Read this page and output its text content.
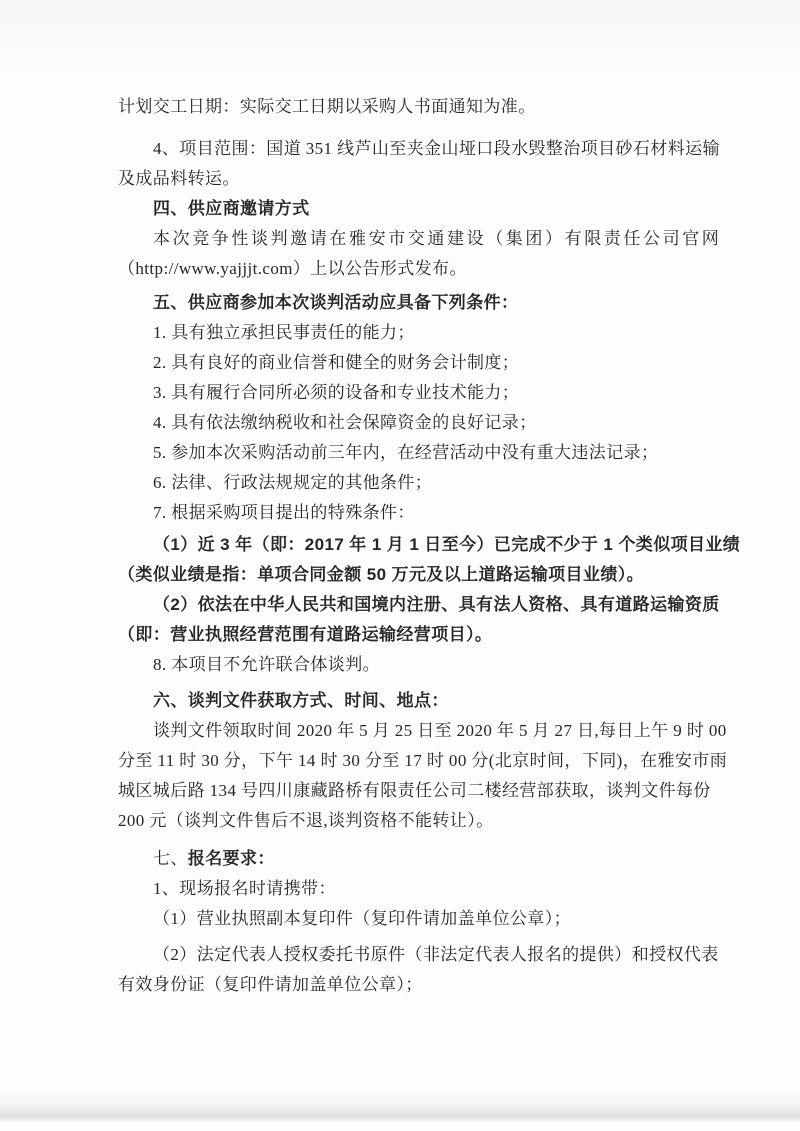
计划交工日期：实际交工日期以采购人书面通知为准。

4、项目范围：国道 351 线芦山至夹金山垭口段水毁整治项目砂石材料运输

及成品料转运。

四、供应商邀请方式

本次竞争性谈判邀请在雅安市交通建设（集团）有限责任公司官网

（http://www.yajjjt.com）上以公告形式发布。

五、供应商参加本次谈判活动应具备下列条件：

1. 具有独立承担民事责任的能力；

2. 具有良好的商业信誉和健全的财务会计制度；

3. 具有履行合同所必须的设备和专业技术能力；

4. 具有依法缴纳税收和社会保障资金的良好记录；

5. 参加本次采购活动前三年内，在经营活动中没有重大违法记录；

6. 法律、行政法规规定的其他条件；

7. 根据采购项目提出的特殊条件：

（1）近 3 年（即：2017 年 1 月 1 日至今）已完成不少于 1 个类似项目业绩

（类似业绩是指：单项合同金额 50 万元及以上道路运输项目业绩）。

（2）依法在中华人民共和国境内注册、具有法人资格、具有道路运输资质

（即：营业执照经营范围有道路运输经营项目）。

8. 本项目不允许联合体谈判。

六、谈判文件获取方式、时间、地点：

谈判文件领取时间 2020 年 5 月 25 日至 2020 年 5 月 27 日,每日上午 9 时 00

分至 11 时 30 分，下午 14 时 30 分至 17 时 00 分(北京时间，下同)，在雅安市雨

城区城后路 134 号四川康藏路桥有限责任公司二楼经营部获取，谈判文件每份

200 元（谈判文件售后不退,谈判资格不能转让）。

七、报名要求：

1、现场报名时请携带：

（1）营业执照副本复印件（复印件请加盖单位公章）；

（2）法定代表人授权委托书原件（非法定代表人报名的提供）和授权代表

有效身份证（复印件请加盖单位公章）；
